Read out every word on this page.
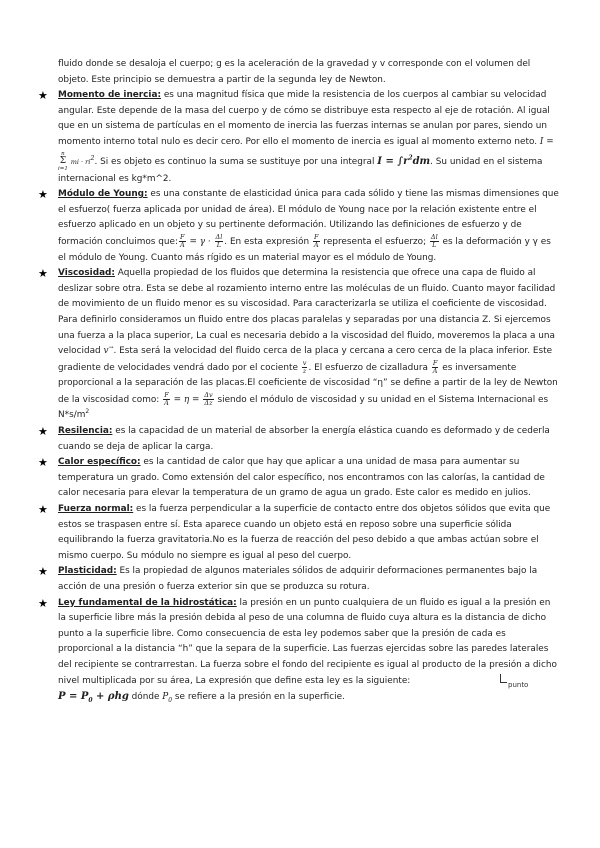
fluido donde se desaloja el cuerpo; g es la aceleración de la gravedad y v corresponde con el volumen del objeto. Este principio se demuestra a partir de la segunda ley de Newton.

★ Momento de inercia: es una magnitud física que mide la resistencia de los cuerpos al cambiar su velocidad angular. Este depende de la masa del cuerpo y de cómo se distribuye esta respecto al eje de rotación. Al igual que en un sistema de partículas en el momento de inercia las fuerzas internas se anulan por pares, siendo un momento interno total nulo es decir cero. Por ello el momento de inercia es igual al momento externo neto. I = n
Σ
i=1 mi · $ri^2$. Si es objeto es continuo la suma se sustituye por una integral $I = \int r^2dm$. Su unidad en el sistema internacional es kg*m^2.
★ Módulo de Young: es una constante de elasticidad única para cada sólido y tiene las mismas dimensiones que el esfuerzo( fuerza aplicada por unidad de área). El módulo de Young nace por la relación existente entre el esfuerzo aplicado en un objeto y su pertinente deformación. Utilizando las definiciones de esfuerzo y de formación concluimos que: $\frac{F}{A} = \gamma \cdot \frac{\Delta l}{L}$ . En esta expresión $\frac{F}{A}$ representa el esfuerzo; $\frac{\Delta l}{L}$ es la deformación y γ es el módulo de Young. Cuanto más rígido es un material mayor es el módulo de Young.
★ Viscosidad: Aquella propiedad de los fluidos que determina la resistencia que ofrece una capa de fluido al deslizar sobre otra. Esta se debe al rozamiento interno entre las moléculas de un fluido. Cuanto mayor facilidad de movimiento de un fluido menor es su viscosidad. Para caracterizarla se utiliza el coeficiente de viscosidad. Para definirlo consideramos un fluido entre dos placas paralelas y separadas por una distancia Z. Si ejercemos una fuerza a la placa superior, La cual es necesaria debido a la viscosidad del fluido, moveremos la placa a una velocidad v→. Esta será la velocidad del fluido cerca de la placa y cercana a cero cerca de la placa inferior. Este gradiente de velocidades vendrá dado por el cociente $\frac{v}{z}$ . El esfuerzo de cizalladura $\frac{F}{A}$ es inversamente proporcional a la separación de las placas.El coeficiente de viscosidad “η” se define a partir de la ley de Newton de la viscosidad como: $\frac{F}{A} = \eta = \frac{\Delta v}{\Delta z}$ siendo el módulo de viscosidad y su unidad en el Sistema Internacional es $N*s/m^2$
★ Resilencia: es la capacidad de un material de absorber la energía elástica cuando es deformado y de cederla cuando se deja de aplicar la carga.
★ Calor específico: es la cantidad de calor que hay que aplicar a una unidad de masa para aumentar su temperatura un grado. Como extensión del calor específico, nos encontramos con las calorías, la cantidad de calor necesaria para elevar la temperatura de un gramo de agua un grado. Este calor es medido en julios.
★ Fuerza normal: es la fuerza perpendicular a la superficie de contacto entre dos objetos sólidos que evita que estos se traspasen entre sí. Esta aparece cuando un objeto está en reposo sobre una superficie sólida equilibrando la fuerza gravitatoria.No es la fuerza de reacción del peso debido a que ambas actúan sobre el mismo cuerpo. Su módulo no siempre es igual al peso del cuerpo.
★ Plasticidad: Es la propiedad de algunos materiales sólidos de adquirir deformaciones permanentes bajo la acción de una presión o fuerza exterior sin que se produzca su rotura.
★ Ley fundamental de la hidrostática: la presión en un punto cualquiera de un fluido es igual a la presión en la superficie libre más la presión debida al peso de una columna de fluido cuya altura es la distancia de dicho punto a la superficie libre. Como consecuencia de esta ley podemos saber que la presión de cada es proporcional a la distancia “h” que la separa de la superficie. Las fuerzas ejercidas sobre las paredes laterales del recipiente se contrarrestan. La fuerza sobre el fondo del recipiente es igual al producto de la presión a dicho nivel multiplicada por su área, La expresión que define esta ley es la siguiente:
$P = P_0 + \rho hg$ dónde $P_0$ se refiere a la presión en la superficie.
punto
